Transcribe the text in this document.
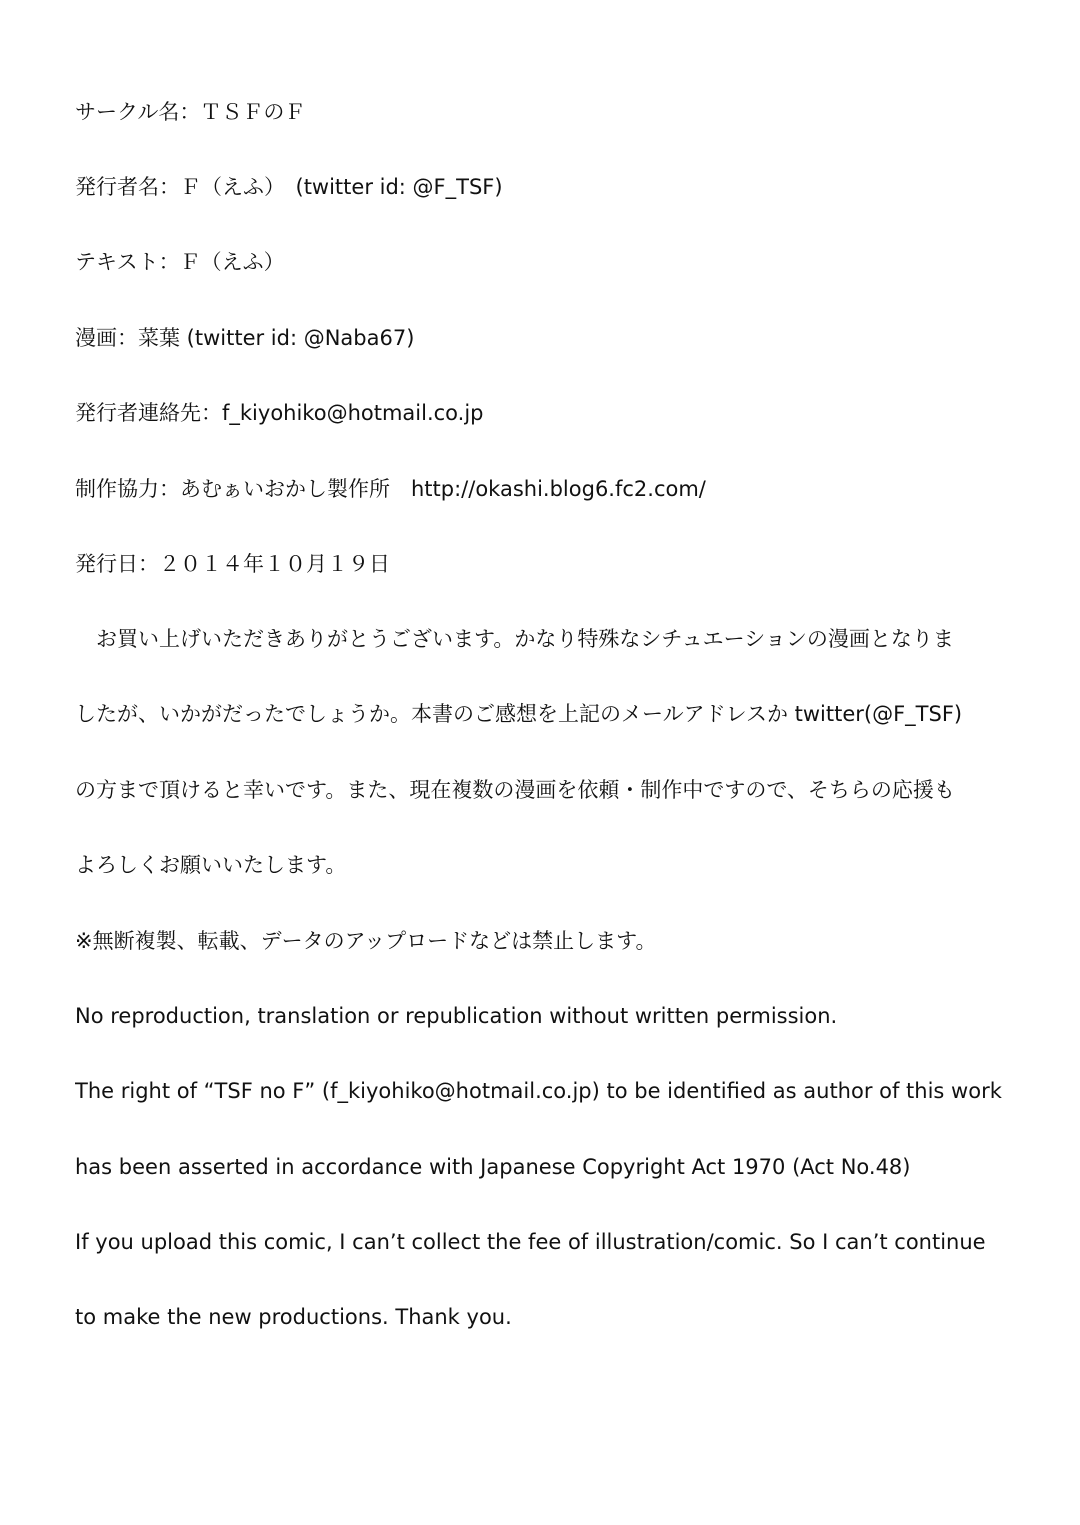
サークル名：ＴＳＦのＦ
発行者名：Ｆ（えふ）　(twitter id: @F_TSF)
テキスト：Ｆ（えふ）
漫画：菜葉 (twitter id: @Naba67)
発行者連絡先：f_kiyohiko@hotmail.co.jp
制作協力：あむぁいおかし製作所　http://okashi.blog6.fc2.com/
発行日：２０１４年１０月１９日
　お買い上げいただきありがとうございます。かなり特殊なシチュエーションの漫画となりま
したが、いかがだったでしょうか。本書のご感想を上記のメールアドレスか twitter(@F_TSF)
の方まで頂けると幸いです。また、現在複数の漫画を依頼・制作中ですので、そちらの応援も
よろしくお願いいたします。
※無断複製、転載、データのアップロードなどは禁止します。
No reproduction, translation or republication without written permission.
The right of “TSF no F” (f_kiyohiko@hotmail.co.jp) to be identified as author of this work
has been asserted in accordance with Japanese Copyright Act 1970 (Act No.48)
If you upload this comic, I can’t collect the fee of illustration/comic. So I can’t continue
to make the new productions. Thank you.
